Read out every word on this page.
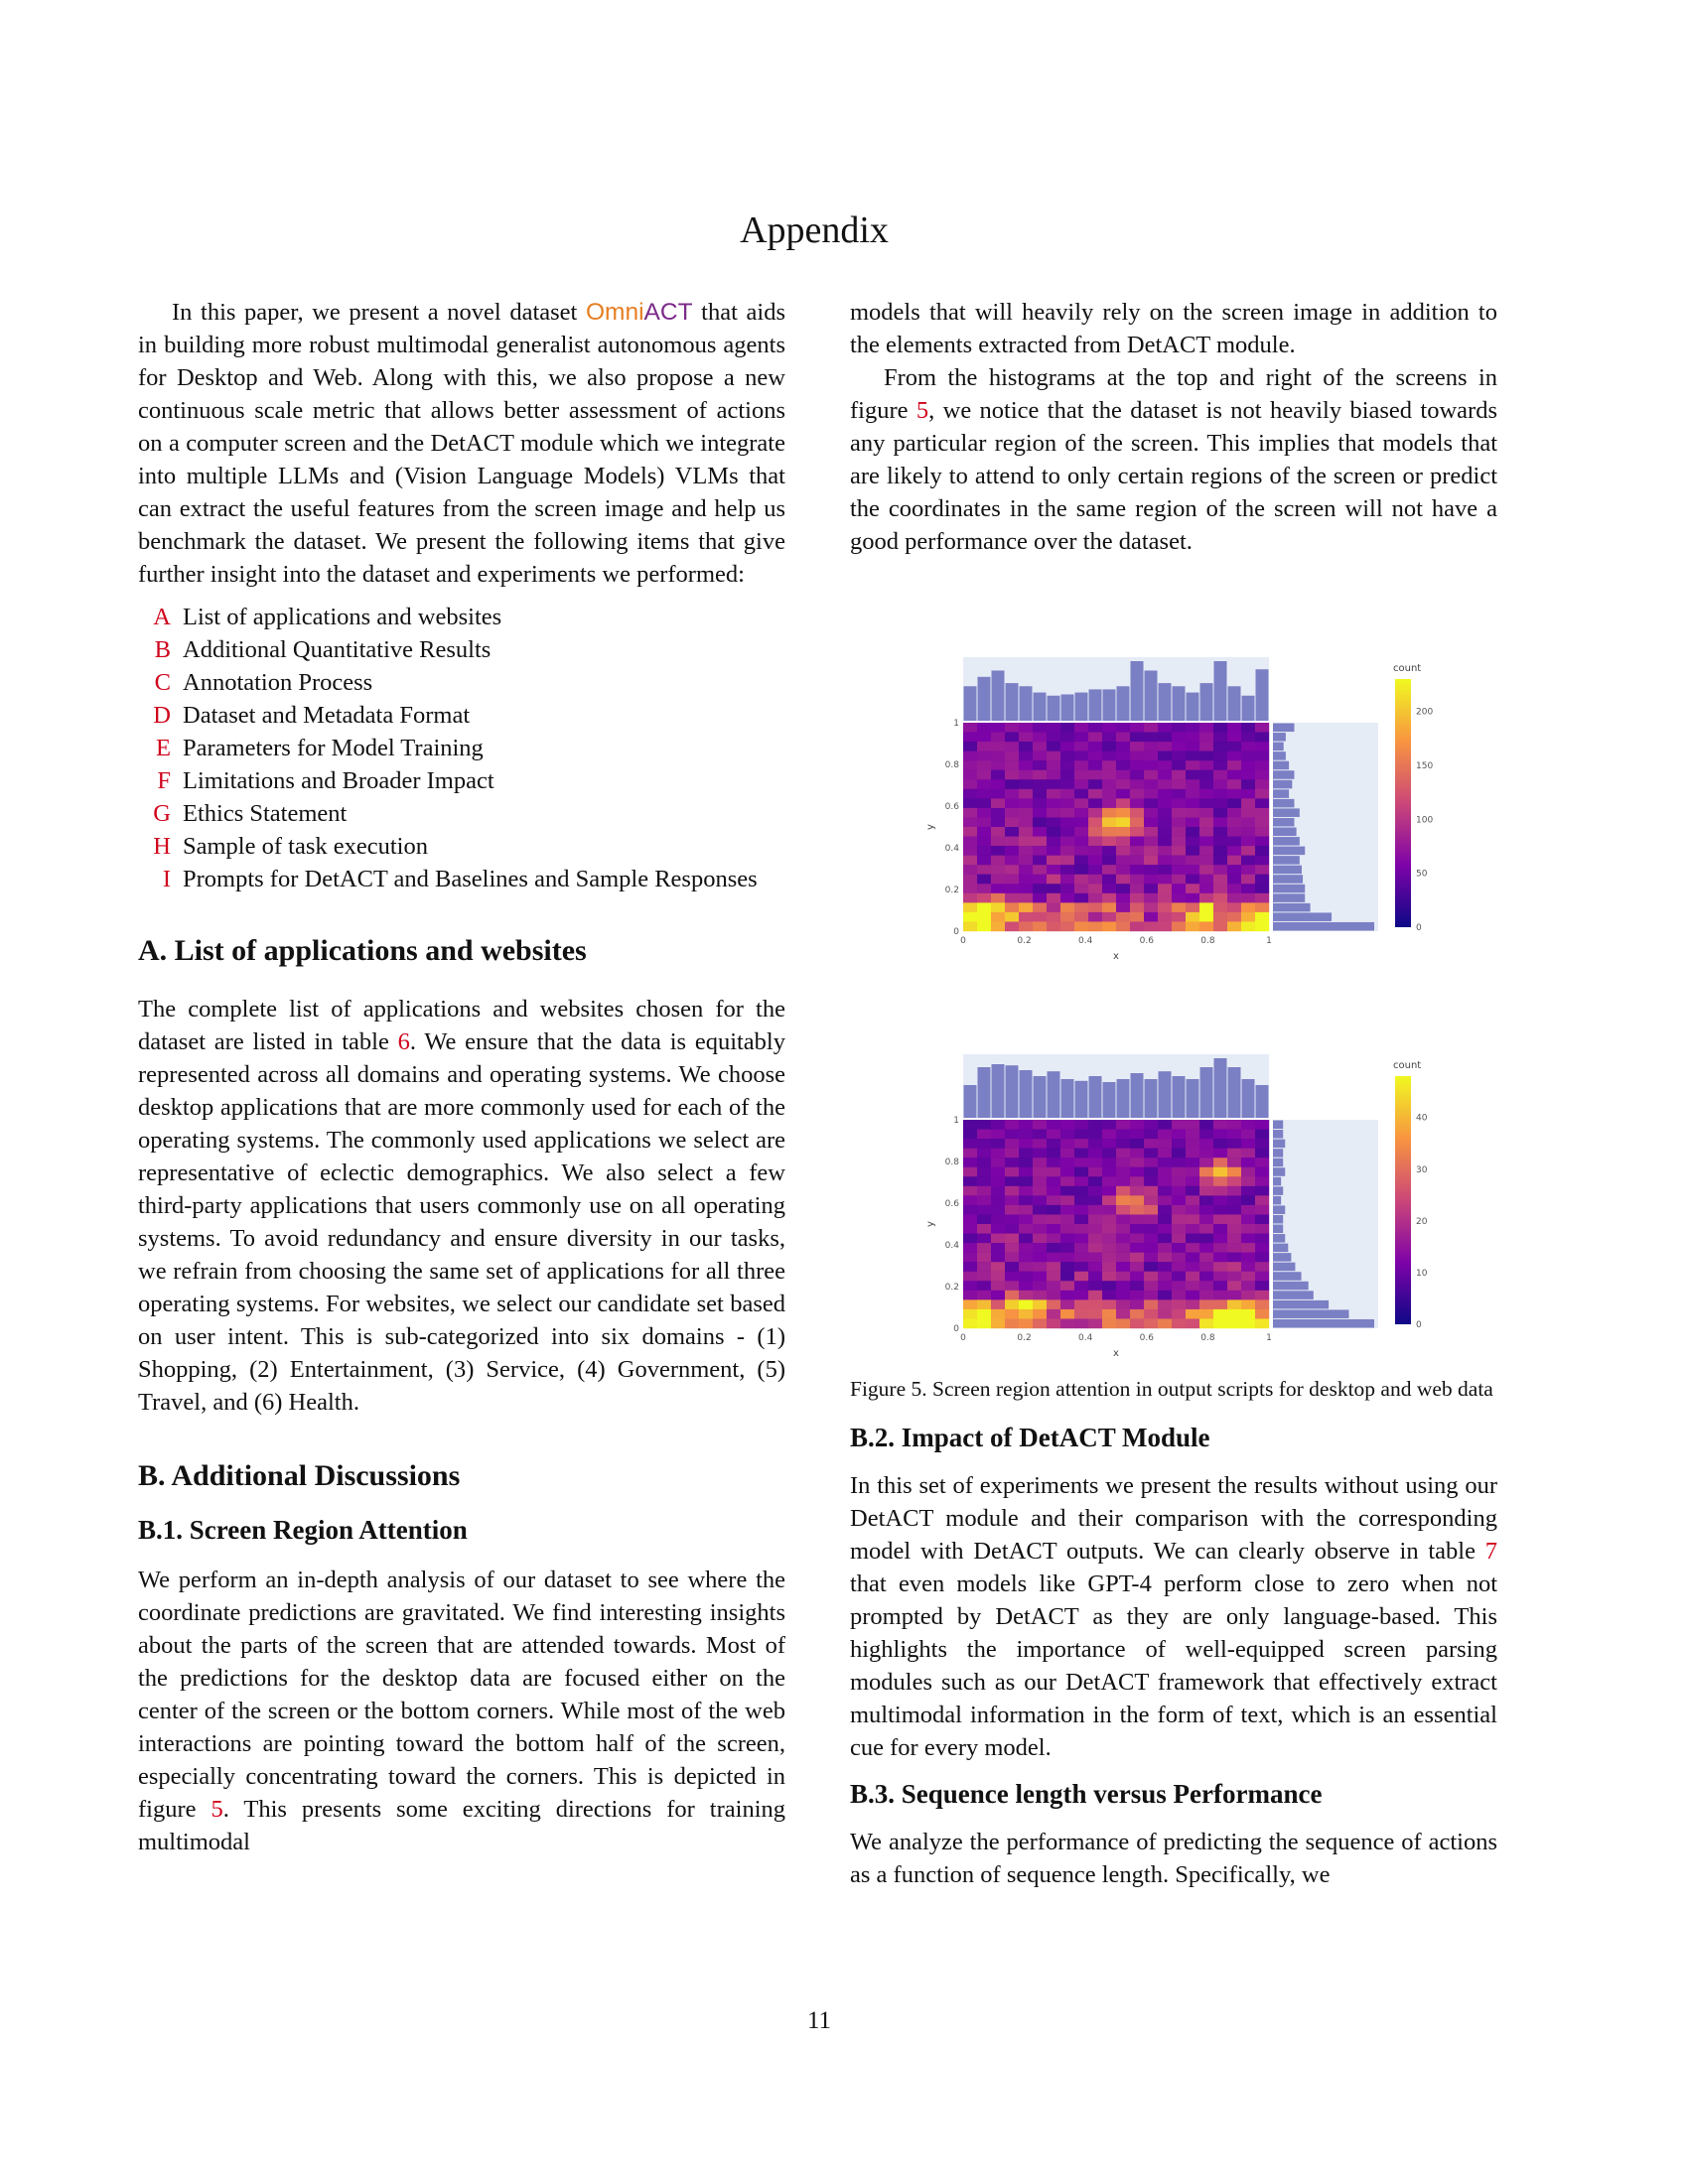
Appendix

In this paper, we present a novel dataset OmniACT that aids in building more robust multimodal generalist autonomous agents for Desktop and Web. Along with this, we also propose a new continuous scale metric that allows better assessment of actions on a computer screen and the DetACT module which we integrate into multiple LLMs and (Vision Language Models) VLMs that can extract the useful features from the screen image and help us benchmark the dataset. We present the following items that give further insight into the dataset and experiments we performed:

A List of applications and websites
B Additional Quantitative Results
C Annotation Process
D Dataset and Metadata Format
E Parameters for Model Training
F Limitations and Broader Impact
G Ethics Statement
H Sample of task execution
I Prompts for DetACT and Baselines and Sample Responses
A. List of applications and websites

The complete list of applications and websites chosen for the dataset are listed in table 6. We ensure that the data is equitably represented across all domains and operating systems. We choose desktop applications that are more commonly used for each of the operating systems. The commonly used applications we select are representative of eclectic demographics. We also select a few third-party applications that users commonly use on all operating systems. To avoid redundancy and ensure diversity in our tasks, we refrain from choosing the same set of applications for all three operating systems. For websites, we select our candidate set based on user intent. This is sub-categorized into six domains - (1) Shopping, (2) Entertainment, (3) Service, (4) Government, (5) Travel, and (6) Health.

B. Additional Discussions
B.1. Screen Region Attention

We perform an in-depth analysis of our dataset to see where the coordinate predictions are gravitated. We find interesting insights about the parts of the screen that are attended towards. Most of the predictions for the desktop data are focused either on the center of the screen or the bottom corners. While most of the web interactions are pointing toward the bottom half of the screen, especially concentrating toward the corners. This is depicted in figure 5. This presents some exciting directions for training multimodal

models that will heavily rely on the screen image in addition to the elements extracted from DetACT module.

From the histograms at the top and right of the screens in figure 5, we notice that the dataset is not heavily biased towards any particular region of the screen. This implies that models that are likely to attend to only certain regions of the screen or predict the coordinates in the same region of the screen will not have a good performance over the dataset.

0	0.2	0.4	0.6	0.8	1
0
0.2
0.4
0.6
0.8
1
x
y
count
0
50
100
150
200
0	0.2	0.4	0.6	0.8	1
0
0.2
0.4
0.6
0.8
1
x
y
count
0
10
20
30
40

Figure 5. Screen region attention in output scripts for desktop and web data

B.2. Impact of DetACT Module

In this set of experiments we present the results without using our DetACT module and their comparison with the corresponding model with DetACT outputs. We can clearly observe in table 7 that even models like GPT-4 perform close to zero when not prompted by DetACT as they are only language-based. This highlights the importance of well-equipped screen parsing modules such as our DetACT framework that effectively extract multimodal information in the form of text, which is an essential cue for every model.

B.3. Sequence length versus Performance

We analyze the performance of predicting the sequence of actions as a function of sequence length. Specifically, we

11
